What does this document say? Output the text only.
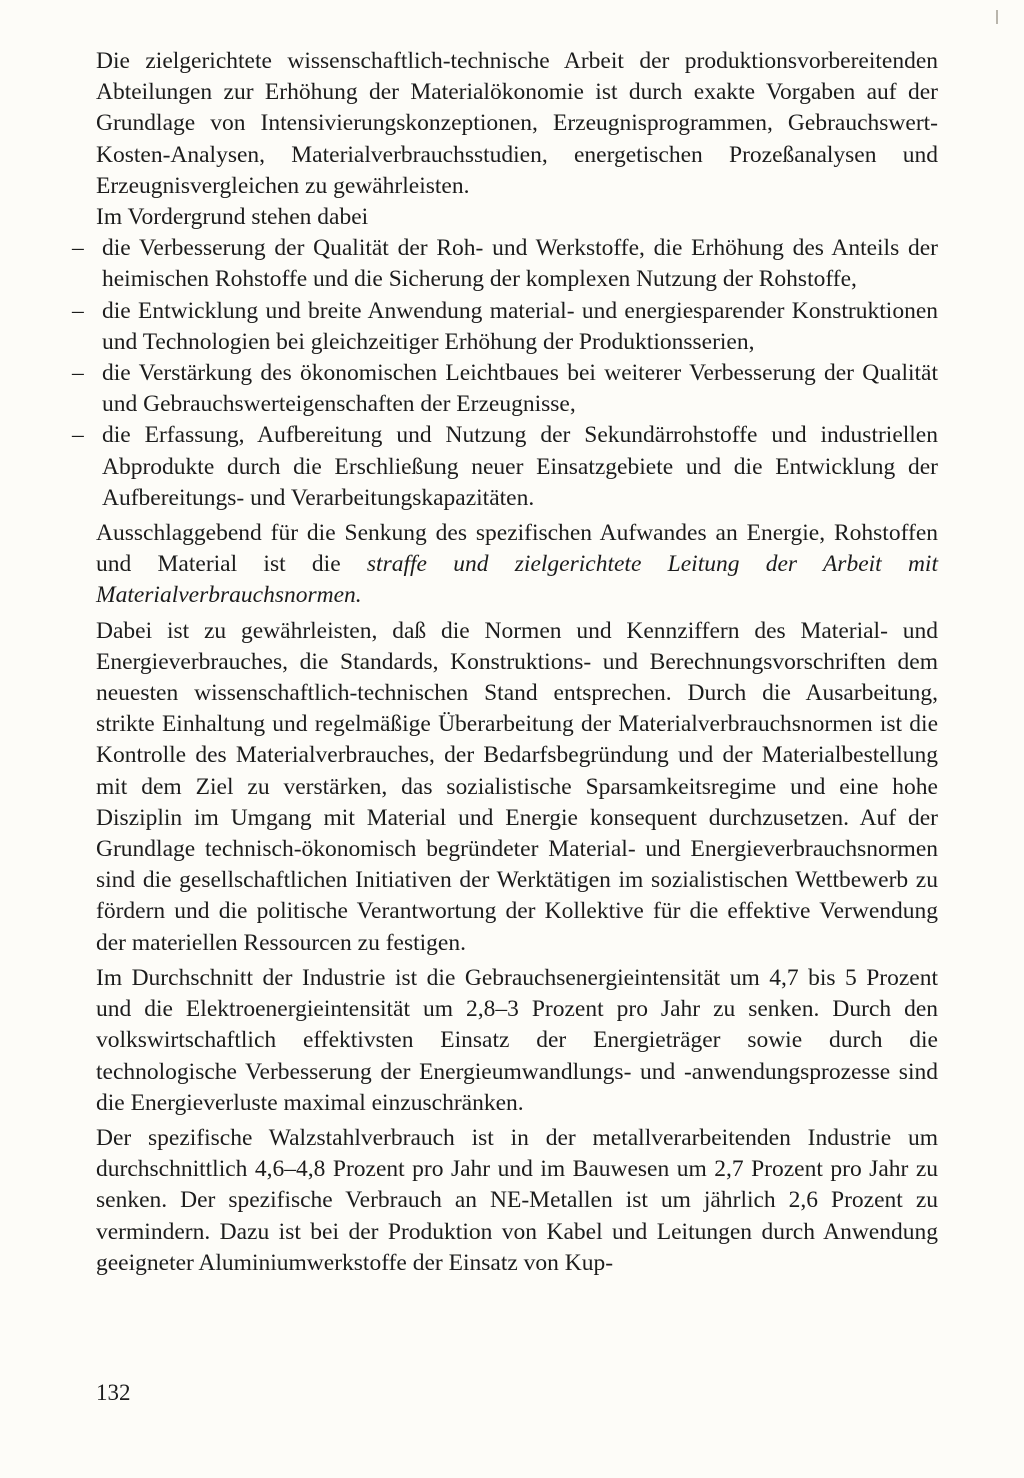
Die zielgerichtete wissenschaftlich-technische Arbeit der produktionsvorbereitenden Abteilungen zur Erhöhung der Materialökonomie ist durch exakte Vorgaben auf der Grundlage von Intensivierungskonzeptionen, Erzeugnisprogrammen, Gebrauchswert-Kosten-Analysen, Materialverbrauchsstudien, energetischen Prozeßanalysen und Erzeugnisvergleichen zu gewährleisten.

Im Vordergrund stehen dabei

– die Verbesserung der Qualität der Roh- und Werkstoffe, die Erhöhung des Anteils der heimischen Rohstoffe und die Sicherung der komplexen Nutzung der Rohstoffe,
– die Entwicklung und breite Anwendung material- und energiesparender Konstruktionen und Technologien bei gleichzeitiger Erhöhung der Produktionsserien,
– die Verstärkung des ökonomischen Leichtbaues bei weiterer Verbesserung der Qualität und Gebrauchswerteigenschaften der Erzeugnisse,
– die Erfassung, Aufbereitung und Nutzung der Sekundärrohstoffe und industriellen Abprodukte durch die Erschließung neuer Einsatzgebiete und die Entwicklung der Aufbereitungs- und Verarbeitungskapazitäten.

Ausschlaggebend für die Senkung des spezifischen Aufwandes an Energie, Rohstoffen und Material ist die straffe und zielgerichtete Leitung der Arbeit mit Materialverbrauchsnormen.

Dabei ist zu gewährleisten, daß die Normen und Kennziffern des Material- und Energieverbrauches, die Standards, Konstruktions- und Berechnungsvorschriften dem neuesten wissenschaftlich-technischen Stand entsprechen. Durch die Ausarbeitung, strikte Einhaltung und regelmäßige Überarbeitung der Materialverbrauchsnormen ist die Kontrolle des Materialverbrauches, der Bedarfsbegründung und der Materialbestellung mit dem Ziel zu verstärken, das sozialistische Sparsamkeitsregime und eine hohe Disziplin im Umgang mit Material und Energie konsequent durchzusetzen. Auf der Grundlage technisch-ökonomisch begründeter Material- und Energieverbrauchsnormen sind die gesellschaftlichen Initiativen der Werktätigen im sozialistischen Wettbewerb zu fördern und die politische Verantwortung der Kollektive für die effektive Verwendung der materiellen Ressourcen zu festigen.

Im Durchschnitt der Industrie ist die Gebrauchsenergieintensität um 4,7 bis 5 Prozent und die Elektroenergieintensität um 2,8–3 Prozent pro Jahr zu senken. Durch den volkswirtschaftlich effektivsten Einsatz der Energieträger sowie durch die technologische Verbesserung der Energieumwandlungs- und -anwendungsprozesse sind die Energieverluste maximal einzuschränken.

Der spezifische Walzstahlverbrauch ist in der metallverarbeitenden Industrie um durchschnittlich 4,6–4,8 Prozent pro Jahr und im Bauwesen um 2,7 Prozent pro Jahr zu senken. Der spezifische Verbrauch an NE-Metallen ist um jährlich 2,6 Prozent zu vermindern. Dazu ist bei der Produktion von Kabel und Leitungen durch Anwendung geeigneter Aluminiumwerkstoffe der Einsatz von Kup-

132
